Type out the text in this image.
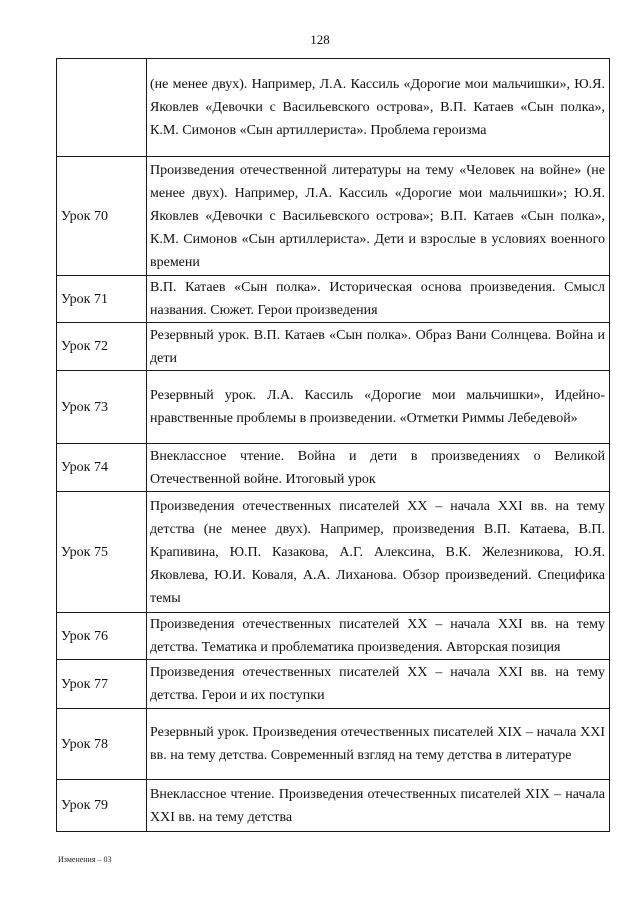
128
	(не менее двух). Например, Л.А. Кассиль «Дорогие мои мальчишки», Ю.Я. Яковлев «Девочки с Васильевского острова», В.П. Катаев «Сын полка», К.М. Симонов «Сын артиллериста». Проблема героизма
Урок 70	Произведения отечественной литературы на тему «Человек на войне» (не менее двух). Например, Л.А. Кассиль «Дорогие мои мальчишки»; Ю.Я. Яковлев «Девочки с Васильевского острова»; В.П. Катаев «Сын полка», К.М. Симонов «Сын артиллериста». Дети и взрослые в условиях военного времени
Урок 71	В.П. Катаев «Сын полка». Историческая основа произведения. Смысл названия. Сюжет. Герои произведения
Урок 72	Резервный урок. В.П. Катаев «Сын полка». Образ Вани Солнцева. Война и дети
Урок 73	Резервный урок. Л.А. Кассиль «Дорогие мои мальчишки», Идейно-нравственные проблемы в произведении. «Отметки Риммы Лебедевой»
Урок 74	Внеклассное чтение. Война и дети в произведениях о Великой Отечественной войне. Итоговый урок
Урок 75	Произведения отечественных писателей XX – начала XXI вв. на тему детства (не менее двух). Например, произведения В.П. Катаева, В.П. Крапивина, Ю.П. Казакова, А.Г. Алексина, В.К. Железникова, Ю.Я. Яковлева, Ю.И. Коваля, А.А. Лиханова. Обзор произведений. Специфика темы
Урок 76	Произведения отечественных писателей XX – начала XXI вв. на тему детства. Тематика и проблематика произведения. Авторская позиция
Урок 77	Произведения отечественных писателей XX – начала XXI вв. на тему детства. Герои и их поступки
Урок 78	Резервный урок. Произведения отечественных писателей XIX – начала XXI вв. на тему детства. Современный взгляд на тему детства в литературе
Урок 79	Внеклассное чтение. Произведения отечественных писателей XIX – начала XXI вв. на тему детства
Изменения – 03
